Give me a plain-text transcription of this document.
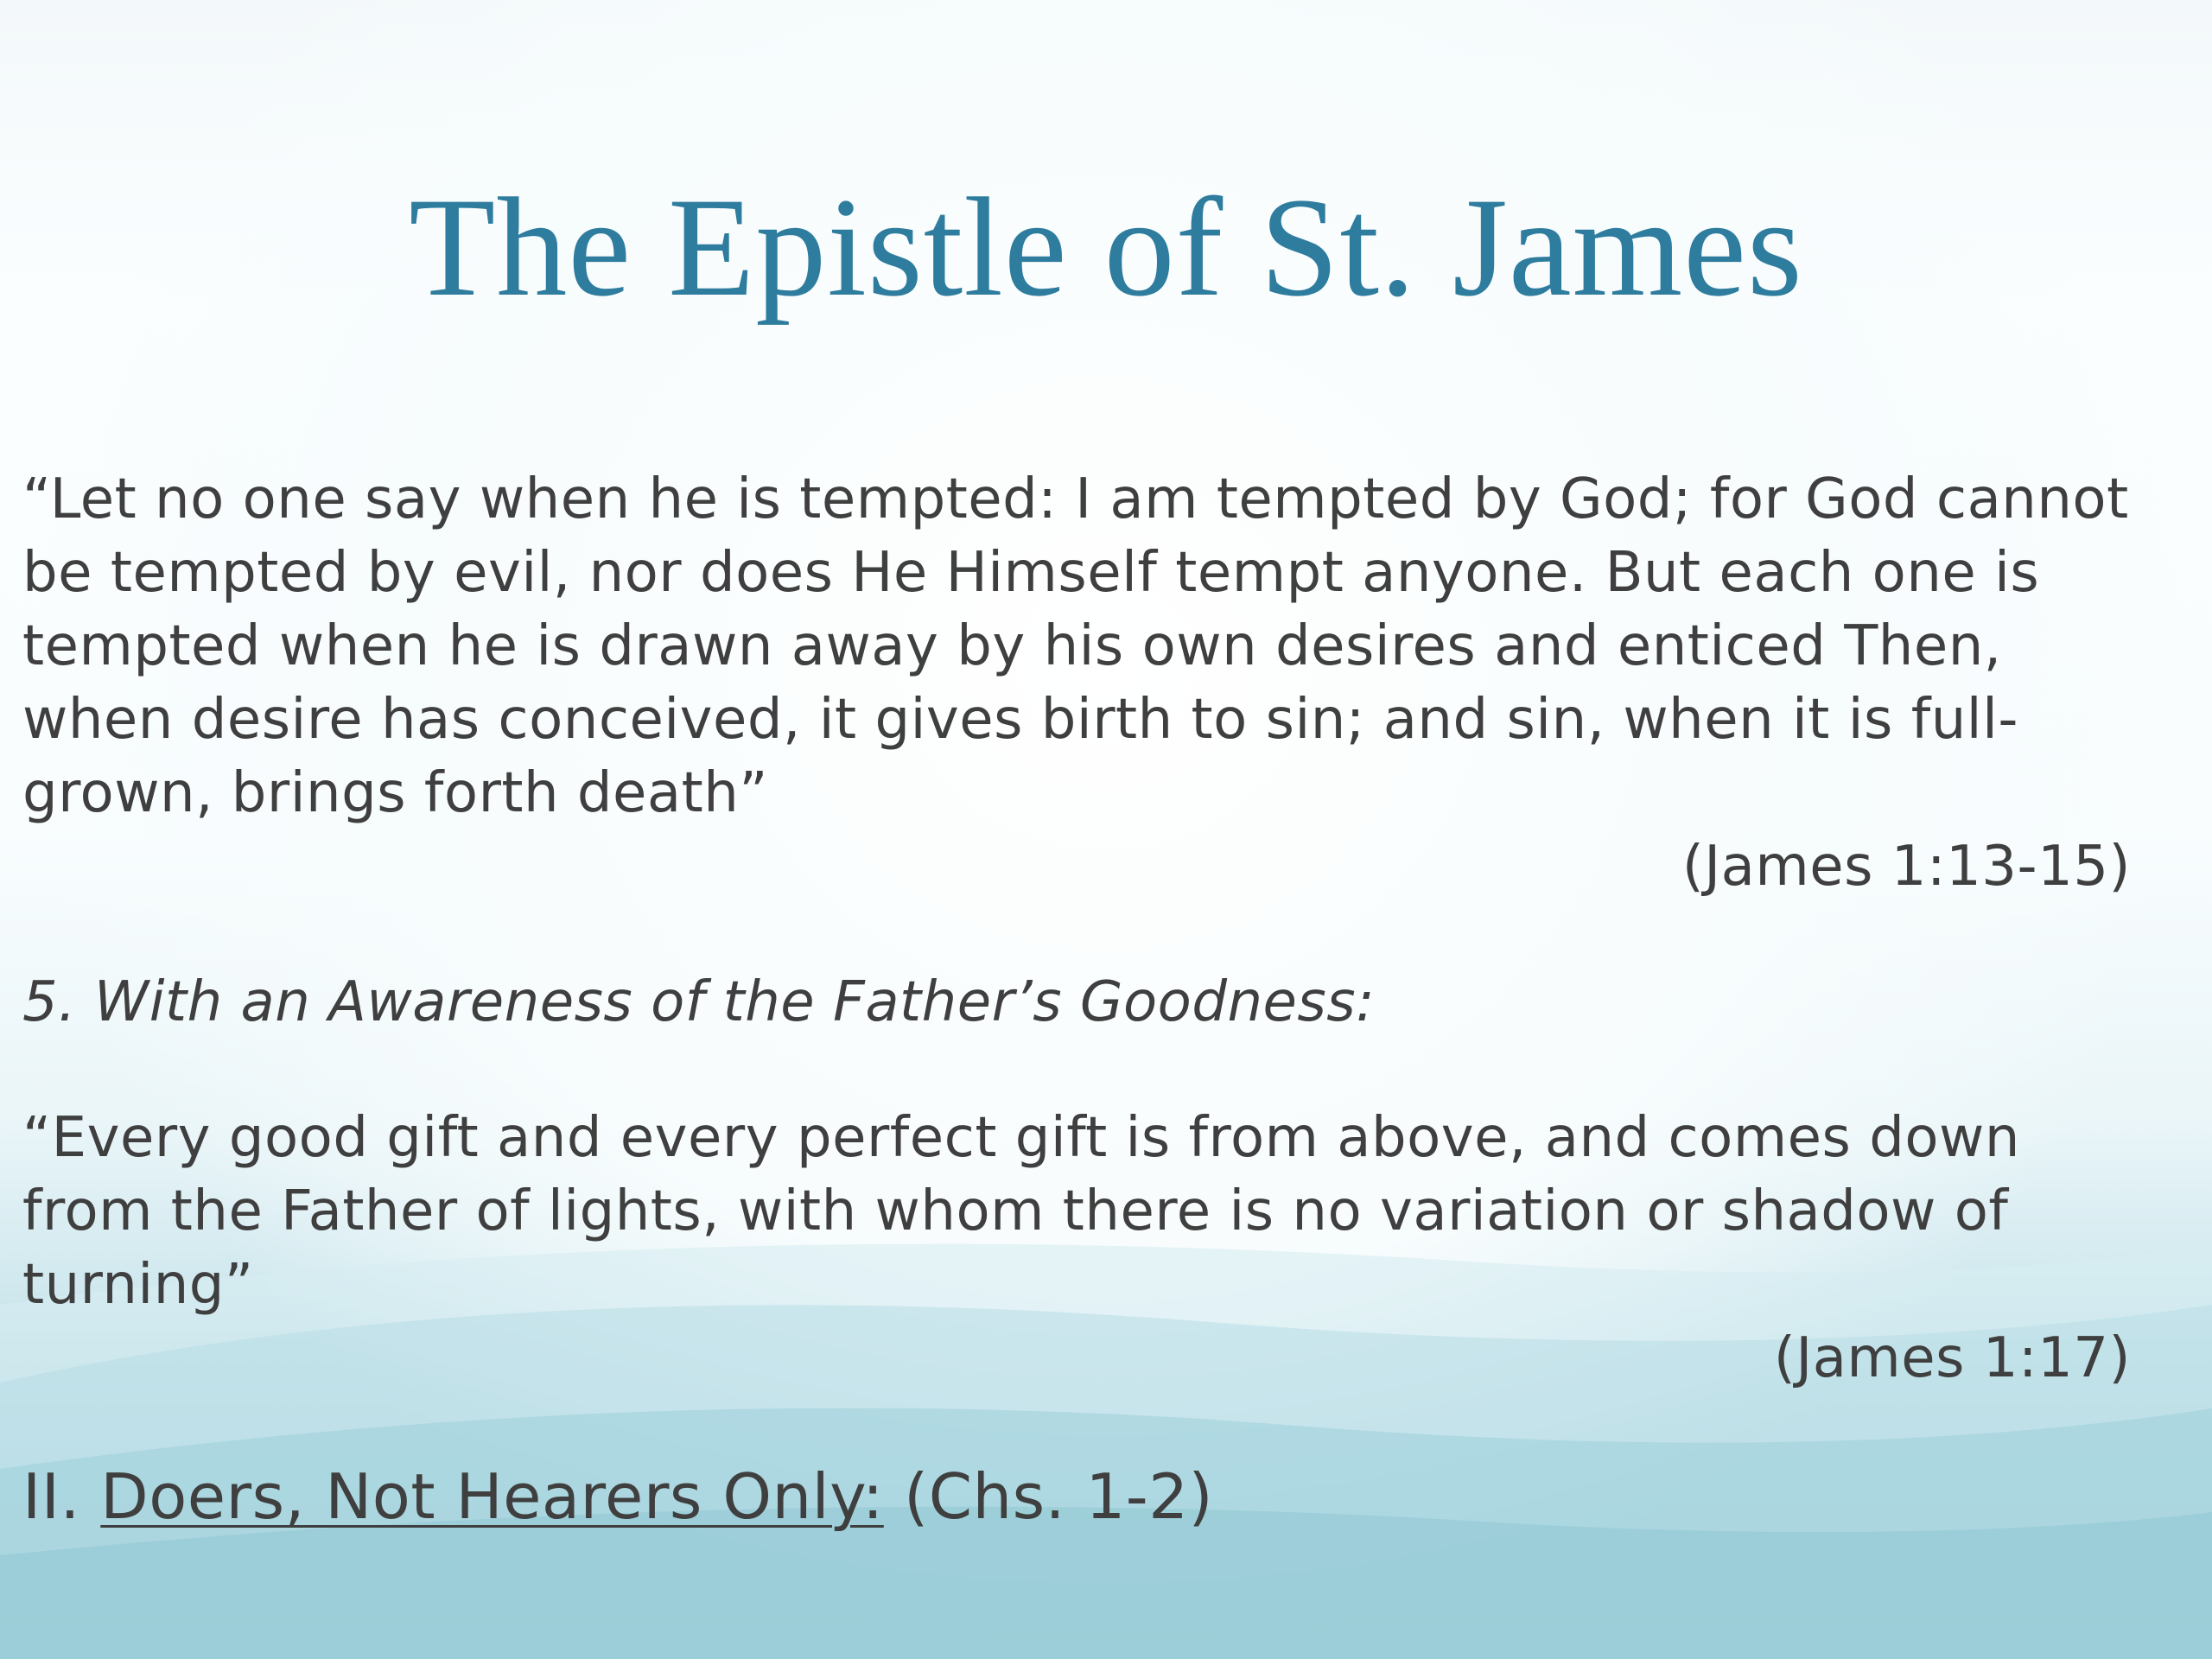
The Epistle of St. James

“Let no one say when he is tempted: I am tempted by God; for God cannot be tempted by evil, nor does He Himself tempt anyone. But each one is tempted when he is drawn away by his own desires and enticed Then, when desire has conceived, it gives birth to sin; and sin, when it is full-grown, brings forth death”

(James 1:13-15)

5. With an Awareness of the Father’s Goodness:

“Every good gift and every perfect gift is from above, and comes down from the Father of lights, with whom there is no variation or shadow of turning”

(James 1:17)

II. Doers, Not Hearers Only: (Chs. 1-2)
